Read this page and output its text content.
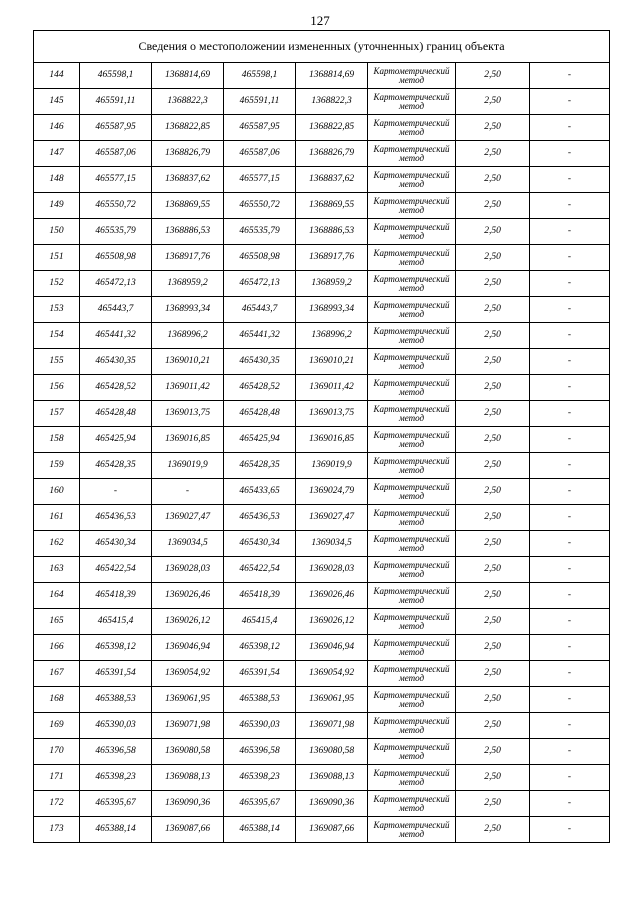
127
Сведения о местоположении измененных (уточненных) границ объекта							
144	465598,1	1368814,69	465598,1	1368814,69	Картометрический метод	2,50	-
145	465591,11	1368822,3	465591,11	1368822,3	Картометрический метод	2,50	-
146	465587,95	1368822,85	465587,95	1368822,85	Картометрический метод	2,50	-
147	465587,06	1368826,79	465587,06	1368826,79	Картометрический метод	2,50	-
148	465577,15	1368837,62	465577,15	1368837,62	Картометрический метод	2,50	-
149	465550,72	1368869,55	465550,72	1368869,55	Картометрический метод	2,50	-
150	465535,79	1368886,53	465535,79	1368886,53	Картометрический метод	2,50	-
151	465508,98	1368917,76	465508,98	1368917,76	Картометрический метод	2,50	-
152	465472,13	1368959,2	465472,13	1368959,2	Картометрический метод	2,50	-
153	465443,7	1368993,34	465443,7	1368993,34	Картометрический метод	2,50	-
154	465441,32	1368996,2	465441,32	1368996,2	Картометрический метод	2,50	-
155	465430,35	1369010,21	465430,35	1369010,21	Картометрический метод	2,50	-
156	465428,52	1369011,42	465428,52	1369011,42	Картометрический метод	2,50	-
157	465428,48	1369013,75	465428,48	1369013,75	Картометрический метод	2,50	-
158	465425,94	1369016,85	465425,94	1369016,85	Картометрический метод	2,50	-
159	465428,35	1369019,9	465428,35	1369019,9	Картометрический метод	2,50	-
160	-	-	465433,65	1369024,79	Картометрический метод	2,50	-
161	465436,53	1369027,47	465436,53	1369027,47	Картометрический метод	2,50	-
162	465430,34	1369034,5	465430,34	1369034,5	Картометрический метод	2,50	-
163	465422,54	1369028,03	465422,54	1369028,03	Картометрический метод	2,50	-
164	465418,39	1369026,46	465418,39	1369026,46	Картометрический метод	2,50	-
165	465415,4	1369026,12	465415,4	1369026,12	Картометрический метод	2,50	-
166	465398,12	1369046,94	465398,12	1369046,94	Картометрический метод	2,50	-
167	465391,54	1369054,92	465391,54	1369054,92	Картометрический метод	2,50	-
168	465388,53	1369061,95	465388,53	1369061,95	Картометрический метод	2,50	-
169	465390,03	1369071,98	465390,03	1369071,98	Картометрический метод	2,50	-
170	465396,58	1369080,58	465396,58	1369080,58	Картометрический метод	2,50	-
171	465398,23	1369088,13	465398,23	1369088,13	Картометрический метод	2,50	-
172	465395,67	1369090,36	465395,67	1369090,36	Картометрический метод	2,50	-
173	465388,14	1369087,66	465388,14	1369087,66	Картометрический метод	2,50	-
